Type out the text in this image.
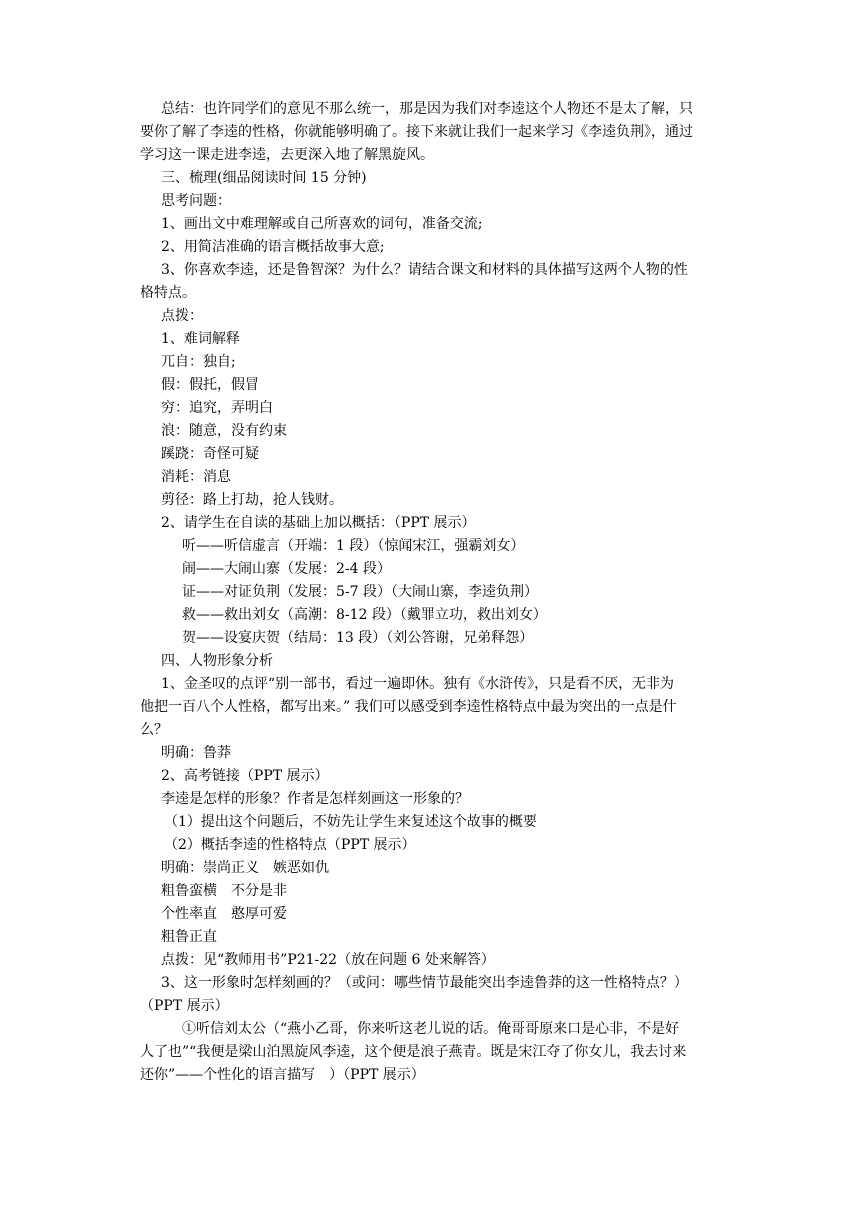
总结：也许同学们的意见不那么统一，那是因为我们对李逵这个人物还不是太了解，只
要你了解了李逵的性格，你就能够明确了。接下来就让我们一起来学习《李逵负荆》，通过
学习这一课走进李逵，去更深入地了解黑旋风。
三、梳理(细品阅读时间 15 分钟)
思考问题：
1、画出文中难理解或自己所喜欢的词句，准备交流;
2、用简洁准确的语言概括故事大意;
3、你喜欢李逵，还是鲁智深？为什么？请结合课文和材料的具体描写这两个人物的性
格特点。
点拨：
1、难词解释
兀自：独自;
假：假托，假冒
穷：追究，弄明白
浪：随意，没有约束
蹊跷：奇怪可疑
消耗：消息
剪径：路上打劫，抢人钱财。
2、请学生在自读的基础上加以概括：（PPT 展示）
听——听信虚言（开端：1 段）（惊闻宋江，强霸刘女）
闹——大闹山寨（发展：2-4 段）
证——对证负荆（发展：5-7 段）（大闹山寨，李逵负荆）
救——救出刘女（高潮：8-12 段）（戴罪立功，救出刘女）
贺——设宴庆贺（结局：13 段）（刘公答谢，兄弟释怨）
四、人物形象分析
1、金圣叹的点评“别一部书，看过一遍即休。独有《水浒传》，只是看不厌，无非为
他把一百八个人性格，都写出来。” 我们可以感受到李逵性格特点中最为突出的一点是什
么？
明确：鲁莽
2、高考链接（PPT 展示）
李逵是怎样的形象？作者是怎样刻画这一形象的？
（1）提出这个问题后，不妨先让学生来复述这个故事的概要
（2）概括李逵的性格特点（PPT 展示）
明确：崇尚正义　嫉恶如仇
粗鲁蛮横　不分是非
个性率直　憨厚可爱
粗鲁正直
点拨：见“教师用书”P21-22（放在问题 6 处来解答）
3、这一形象时怎样刻画的？（或问：哪些情节最能突出李逵鲁莽的这一性格特点？）
（PPT 展示）
①听信刘太公（“燕小乙哥，你来听这老儿说的话。俺哥哥原来口是心非，不是好
人了也”“我便是梁山泊黑旋风李逵，这个便是浪子燕青。既是宋江夺了你女儿，我去讨来
还你”——个性化的语言描写　）（PPT 展示）
